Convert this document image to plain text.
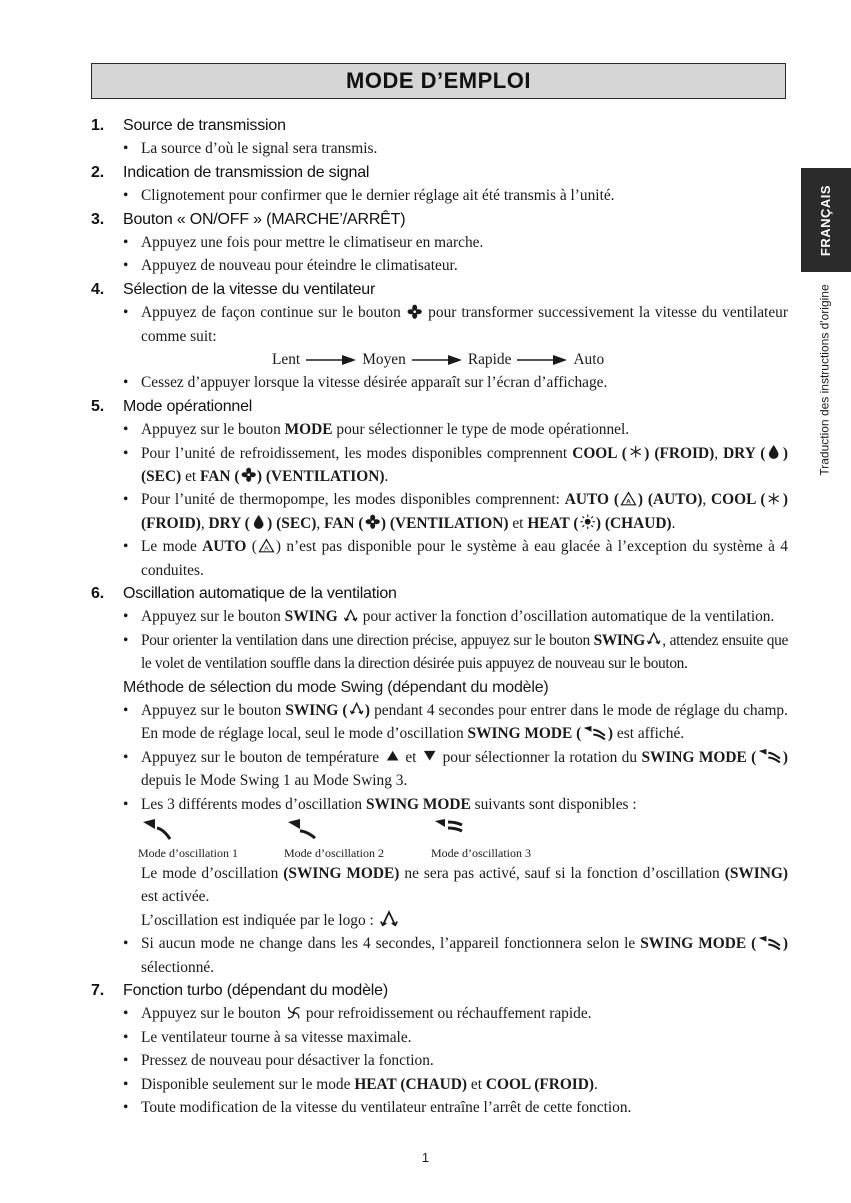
MODE D’EMPLOI
FRANÇAIS
Traduction des instructions d'origine
1. Source de transmission
• La source d’où le signal sera transmis.
2. Indication de transmission de signal
• Clignotement pour confirmer que le dernier réglage ait été transmis à l’unité.
3. Bouton « ON/OFF » (MARCHE’/ARRÊT)
• Appuyez une fois pour mettre le climatiseur en marche.
• Appuyez de nouveau pour éteindre le climatisateur.
4. Sélection de la vitesse du ventilateur
• Appuyez de façon continue sur le bouton pour transformer successivement la vitesse du ventilateur comme suit:
Lent	Moyen	Rapide	Auto
• Cessez d’appuyer lorsque la vitesse désirée apparaît sur l’écran d’affichage.
5. Mode opérationnel
• Appuyez sur le bouton MODE pour sélectionner le type de mode opérationnel.
• Pour l’unité de refroidissement, les modes disponibles comprennent COOL ( ) (FROID), DRY ( ) (SEC) et FAN ( ) (VENTILATION).
• Pour l’unité de thermopompe, les modes disponibles comprennent: AUTO ( A ) (AUTO), COOL ( ) (FROID), DRY ( ) (SEC), FAN ( ) (VENTILATION) et HEAT ( ) (CHAUD).
• Le mode AUTO ( A ) n’est pas disponible pour le système à eau glacée à l’exception du système à 4 conduites.
6. Oscillation automatique de la ventilation
• Appuyez sur le bouton SWING pour activer la fonction d’oscillation automatique de la ventilation.
• Pour orienter la ventilation dans une direction précise, appuyez sur le bouton SWING , attendez ensuite que le volet de ventilation souffle dans la direction désirée puis appuyez de nouveau sur le bouton.
Méthode de sélection du mode Swing (dépendant du modèle)
• Appuyez sur le bouton SWING ( ) pendant 4 secondes pour entrer dans le mode de réglage du champ. En mode de réglage local, seul le mode d’oscillation SWING MODE ( ) est affiché.
• Appuyez sur le bouton de température et pour sélectionner la rotation du SWING MODE ( ) depuis le Mode Swing 1 au Mode Swing 3.
• Les 3 différents modes d’oscillation SWING MODE suivants sont disponibles :
Mode d’oscillation 1	Mode d’oscillation 2	Mode d’oscillation 3
Le mode d’oscillation (SWING MODE) ne sera pas activé, sauf si la fonction d’oscillation (SWING) est activée.
L’oscillation est indiquée par le logo :
• Si aucun mode ne change dans les 4 secondes, l’appareil fonctionnera selon le SWING MODE ( ) sélectionné.
7. Fonction turbo (dépendant du modèle)
• Appuyez sur le bouton pour refroidissement ou réchauffement rapide.
• Le ventilateur tourne à sa vitesse maximale.
• Pressez de nouveau pour désactiver la fonction.
• Disponible seulement sur le mode HEAT (CHAUD) et COOL (FROID).
• Toute modification de la vitesse du ventilateur entraîne l’arrêt de cette fonction.
1
